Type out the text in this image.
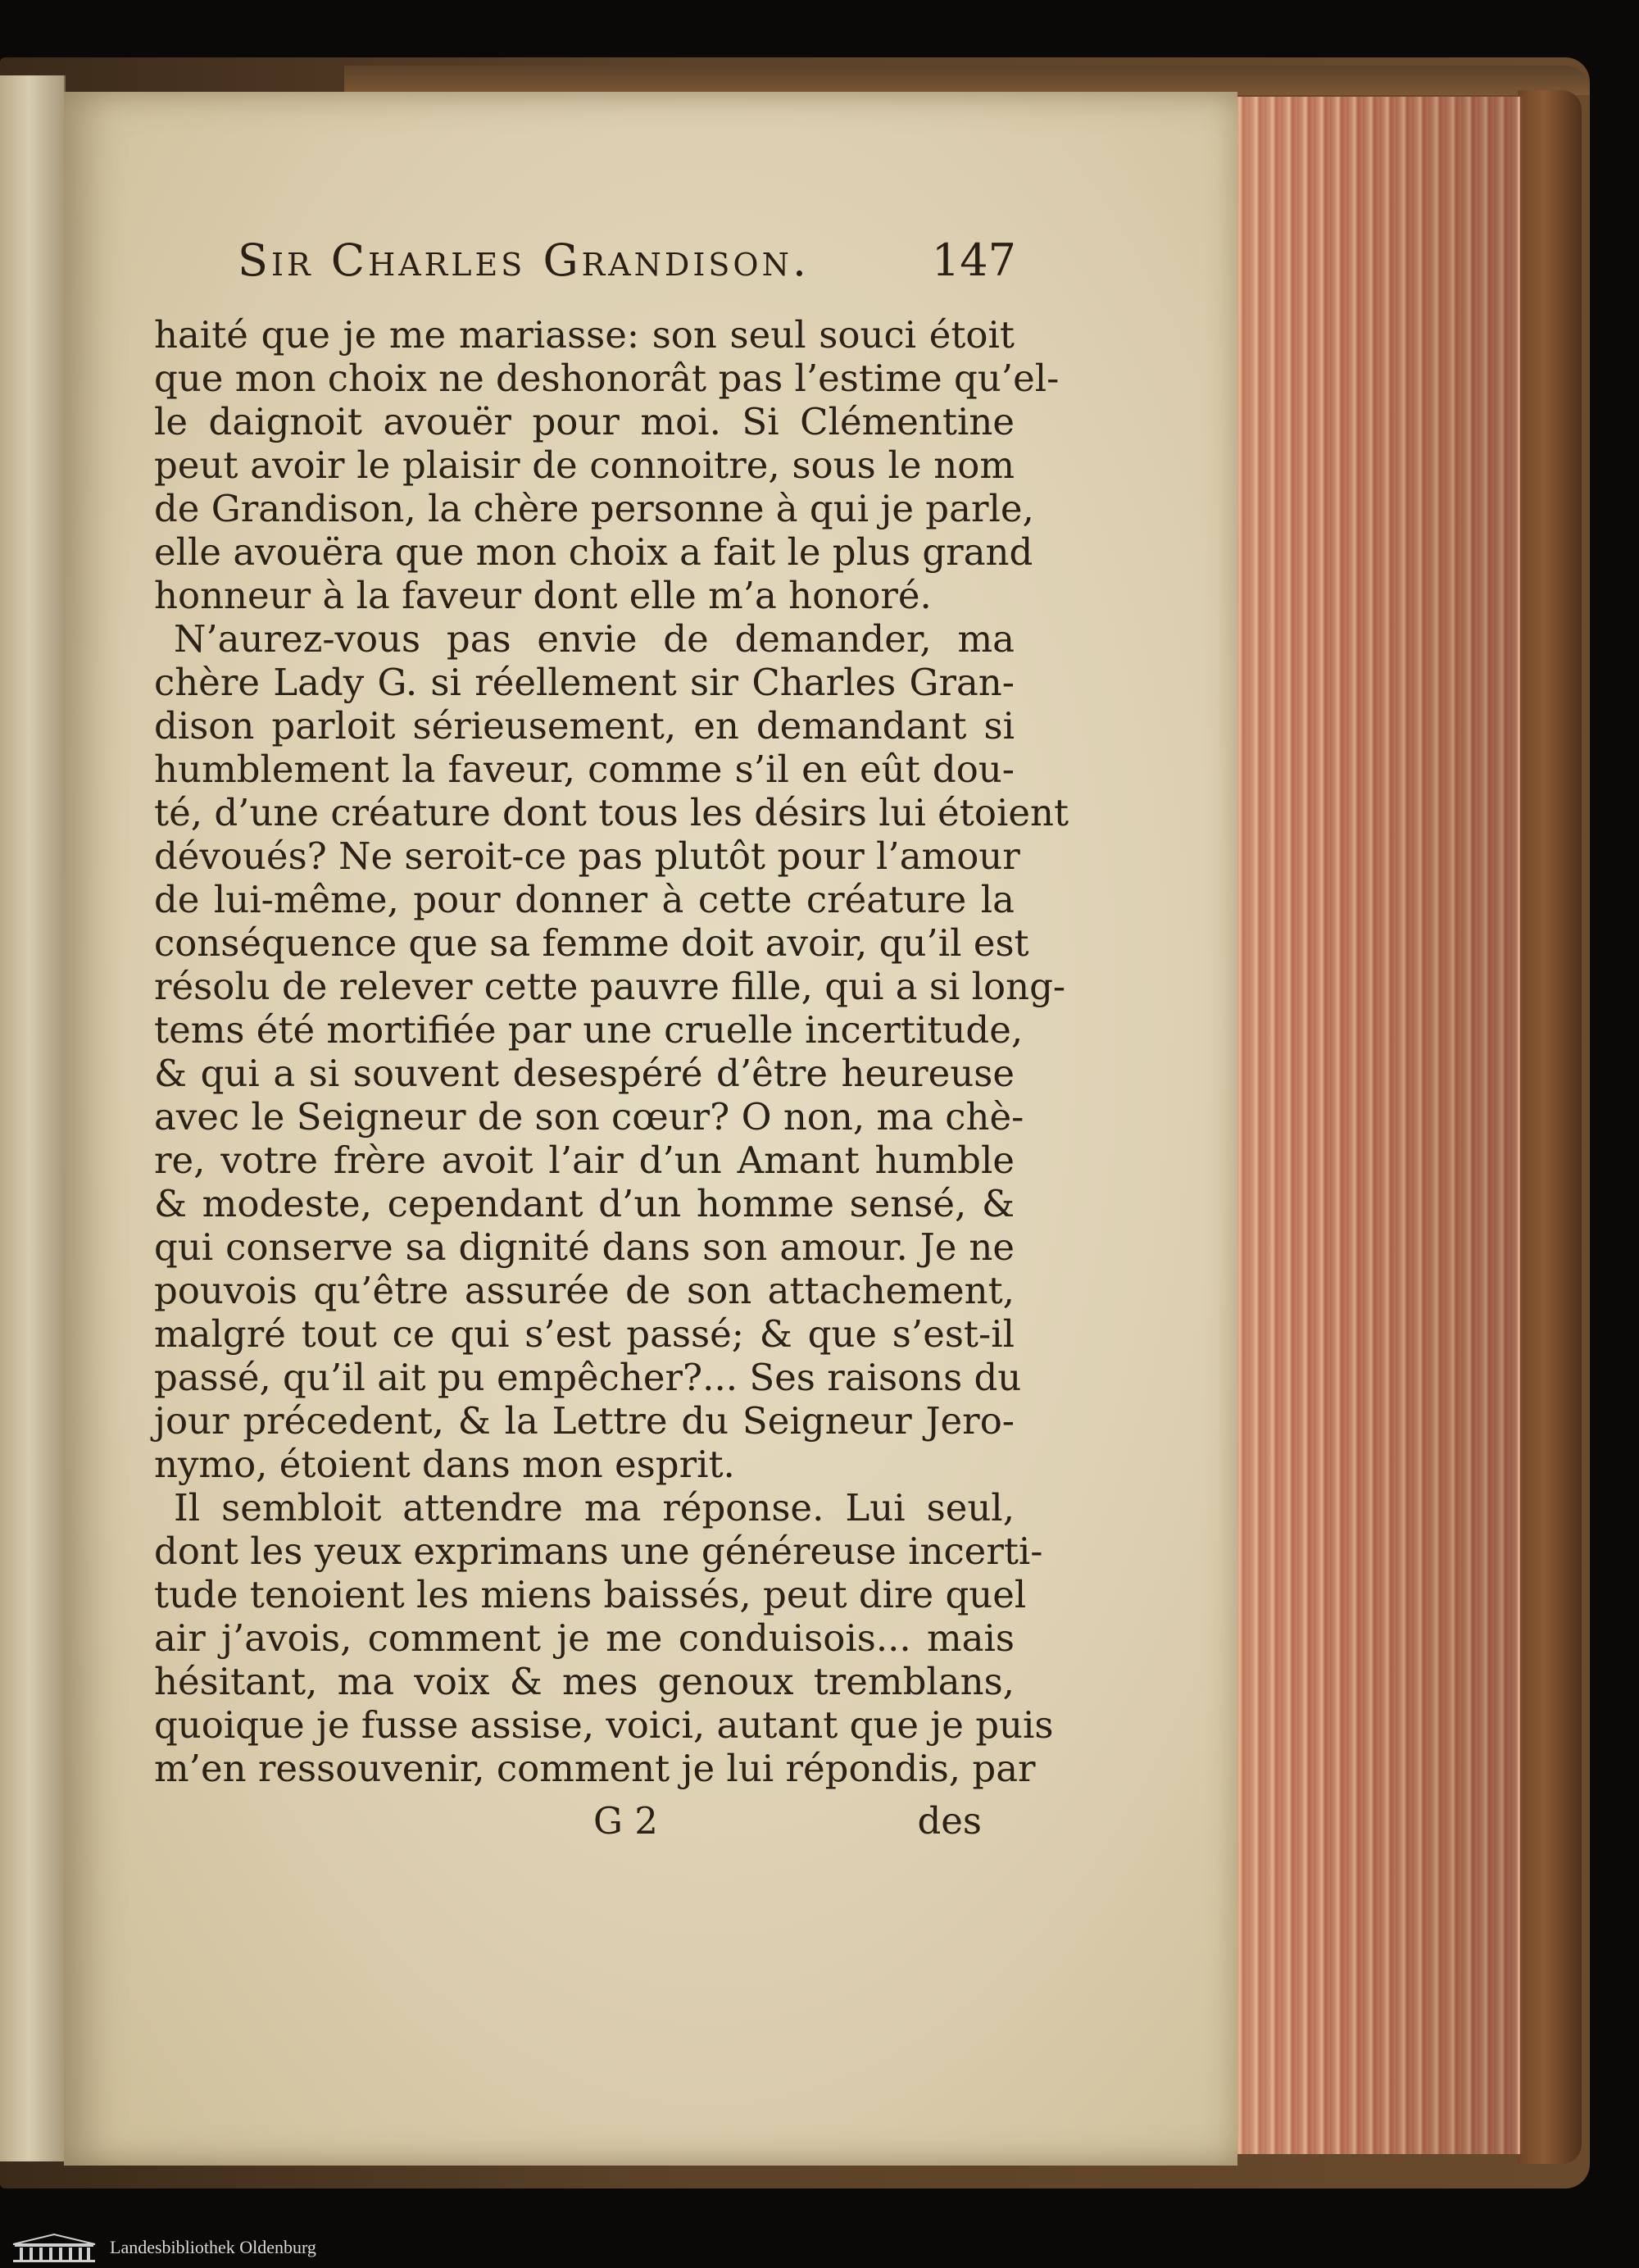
Sir Charles Grandison.	147
haité que je me mariasse: son seul souci étoit
que mon choix ne deshonorât pas l’estime qu’el-
le daignoit avouër pour moi. Si Clémentine
peut avoir le plaisir de connoitre, sous le nom
de Grandison, la chère personne à qui je parle,
elle avouëra que mon choix a fait le plus grand
honneur à la faveur dont elle m’a honoré.
N’aurez-vous pas envie de demander, ma
chère Lady G. si réellement sir Charles Gran-
dison parloit sérieusement, en demandant si
humblement la faveur, comme s’il en eût dou-
té, d’une créature dont tous les désirs lui étoient
dévoués? Ne seroit-ce pas plutôt pour l’amour
de lui-même, pour donner à cette créature la
conséquence que sa femme doit avoir, qu’il est
résolu de relever cette pauvre fille, qui a si long-
tems été mortifiée par une cruelle incertitude,
& qui a si souvent desespéré d’être heureuse
avec le Seigneur de son cœur? O non, ma chè-
re, votre frère avoit l’air d’un Amant humble
& modeste, cependant d’un homme sensé, &
qui conserve sa dignité dans son amour. Je ne
pouvois qu’être assurée de son attachement,
malgré tout ce qui s’est passé; & que s’est-il
passé, qu’il ait pu empêcher?... Ses raisons du
jour précedent, & la Lettre du Seigneur Jero-
nymo, étoient dans mon esprit.
Il sembloit attendre ma réponse. Lui seul,
dont les yeux exprimans une généreuse incerti-
tude tenoient les miens baissés, peut dire quel
air j’avois, comment je me conduisois... mais
hésitant, ma voix & mes genoux tremblans,
quoique je fusse assise, voici, autant que je puis
m’en ressouvenir, comment je lui répondis, par
G 2	des
Landesbibliothek Oldenburg
